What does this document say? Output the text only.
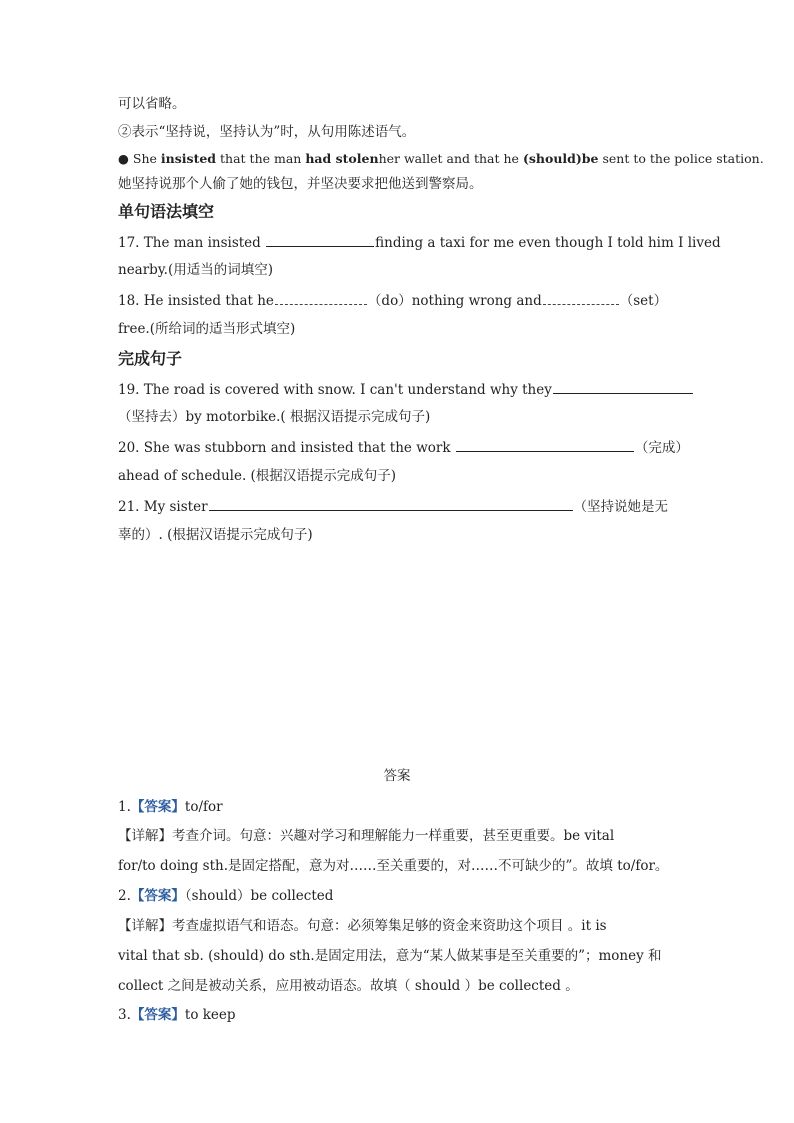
可以省略。
②表示“坚持说，坚持认为”时，从句用陈述语气。
● She insisted that the man had stolenher wallet and that he (should)be sent to the police station.
她坚持说那个人偷了她的钱包，并坚决要求把他送到警察局。
单句语法填空
17. The man insisted	finding a taxi for me even though I told him I lived
nearby.(用适当的词填空)
18. He insisted that he	（do）nothing wrong and	（set）
free.(所给词的适当形式填空)
完成句子
19. The road is covered with snow. I can't understand why they
（坚持去）by motorbike.( 根据汉语提示完成句子)
20. She was stubborn and insisted that the work	（完成）
ahead of schedule. (根据汉语提示完成句子)
21. My sister	（坚持说她是无
辜的）. (根据汉语提示完成句子)
答案
1.【答案】to/for
【详解】考查介词。句意：兴趣对学习和理解能力一样重要，甚至更重要。be vital
for/to doing sth.是固定搭配，意为对……至关重要的，对……不可缺少的”。故填 to/for。
2.【答案】（should）be collected
【详解】考查虚拟语气和语态。句意：必须筹集足够的资金来资助这个项目 。it is
vital that sb. (should) do sth.是固定用法，意为“某人做某事是至关重要的”；money 和
collect 之间是被动关系，应用被动语态。故填（ should ）be collected 。
3.【答案】to keep
